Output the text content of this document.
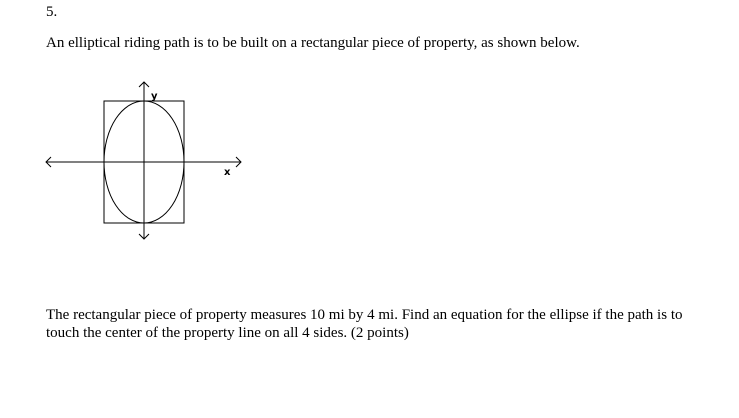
5.
An elliptical riding path is to be built on a rectangular piece of property, as shown below.
y
x
The rectangular piece of property measures 10 mi by 4 mi. Find an equation for the ellipse if the path is to touch the center of the property line on all 4 sides. (2 points)
